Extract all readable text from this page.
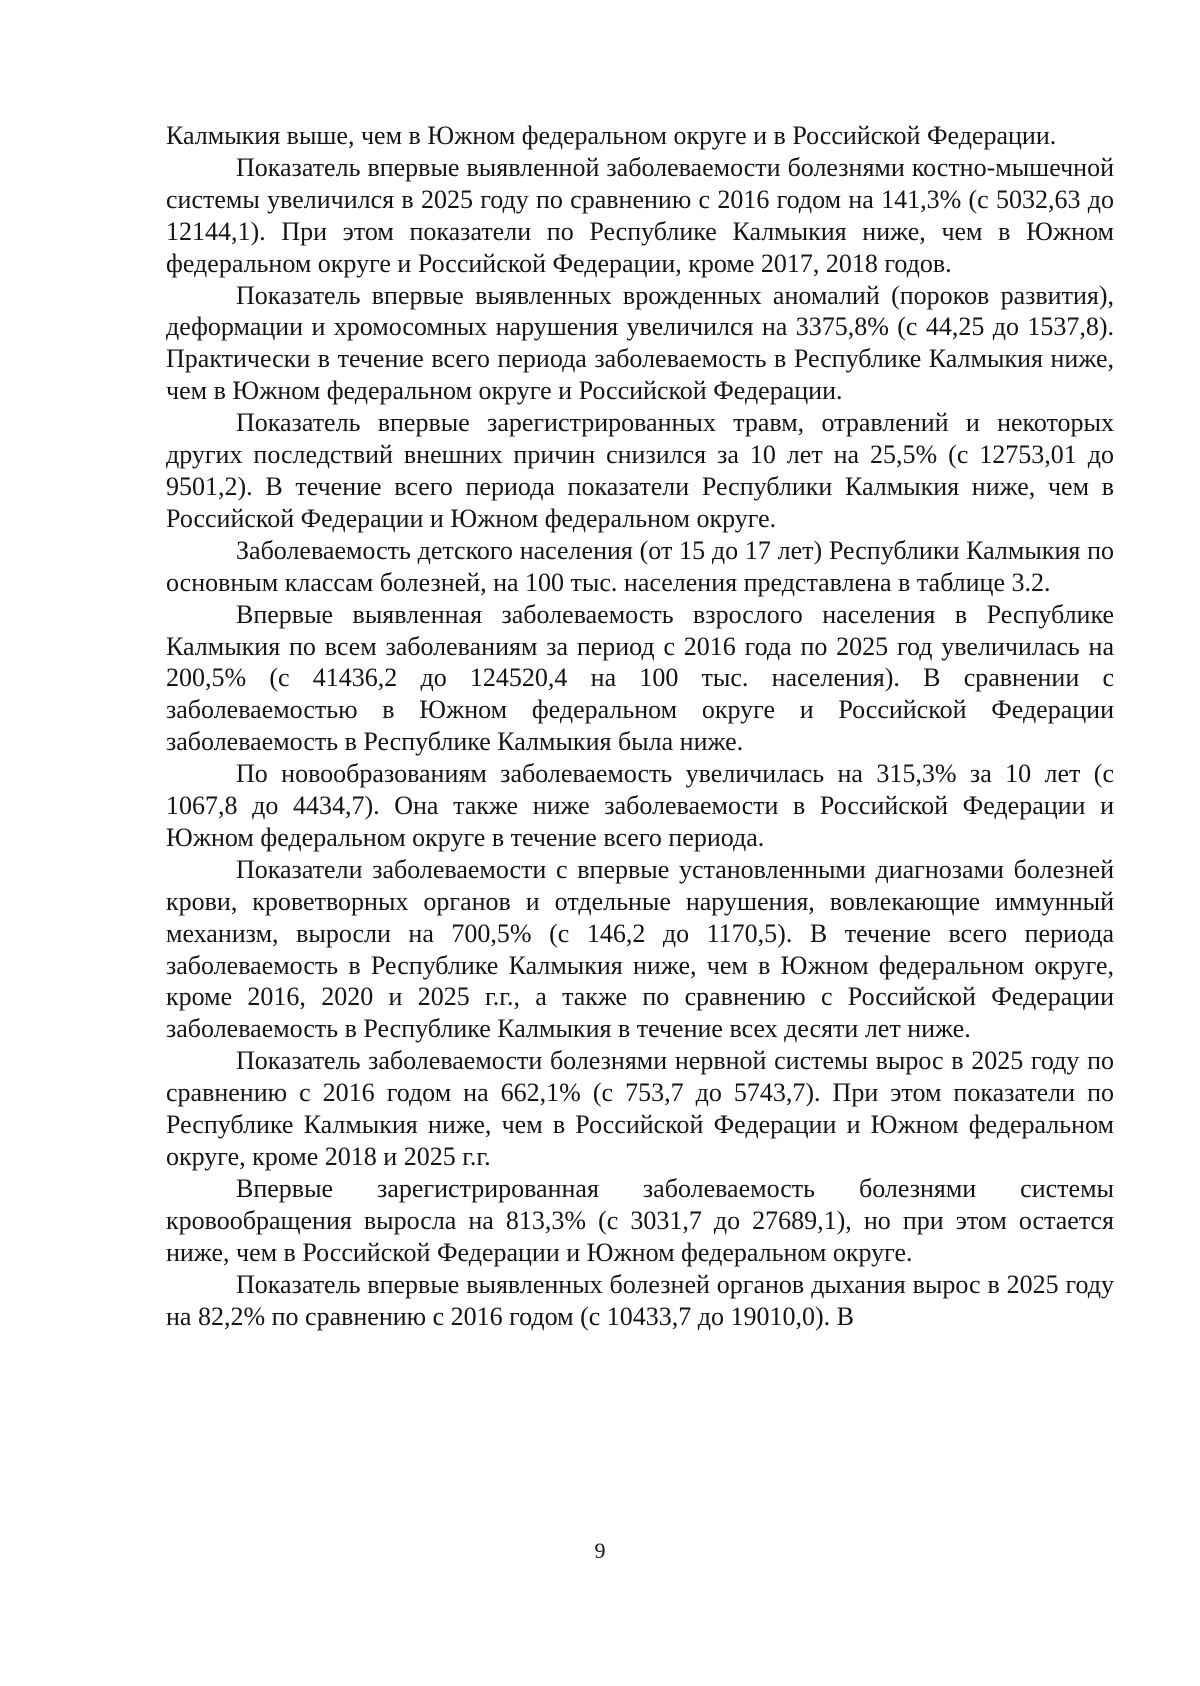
Калмыкия выше, чем в Южном федеральном округе и в Российской Федерации.

Показатель впервые выявленной заболеваемости болезнями костно-мышечной системы увеличился в 2025 году по сравнению с 2016 годом на 141,3% (с 5032,63 до 12144,1). При этом показатели по Республике Калмыкия ниже, чем в Южном федеральном округе и Российской Федерации, кроме 2017, 2018 годов.

Показатель впервые выявленных врожденных аномалий (пороков развития), деформации и хромосомных нарушения увеличился на 3375,8% (с 44,25 до 1537,8). Практически в течение всего периода заболеваемость в Республике Калмыкия ниже, чем в Южном федеральном округе и Российской Федерации.

Показатель впервые зарегистрированных травм, отравлений и некоторых других последствий внешних причин снизился за 10 лет на 25,5% (с 12753,01 до 9501,2). В течение всего периода показатели Республики Калмыкия ниже, чем в Российской Федерации и Южном федеральном округе.

Заболеваемость детского населения (от 15 до 17 лет) Республики Калмыкия по основным классам болезней, на 100 тыс. населения представлена в таблице 3.2.

Впервые выявленная заболеваемость взрослого населения в Республике Калмыкия по всем заболеваниям за период с 2016 года по 2025 год увеличилась на 200,5% (с 41436,2 до 124520,4 на 100 тыс. населения). В сравнении с заболеваемостью в Южном федеральном округе и Российской Федерации заболеваемость в Республике Калмыкия была ниже.

По новообразованиям заболеваемость увеличилась на 315,3% за 10 лет (с 1067,8 до 4434,7). Она также ниже заболеваемости в Российской Федерации и Южном федеральном округе в течение всего периода.

Показатели заболеваемости с впервые установленными диагнозами болезней крови, кроветворных органов и отдельные нарушения, вовлекающие иммунный механизм, выросли на 700,5% (с 146,2 до 1170,5). В течение всего периода заболеваемость в Республике Калмыкия ниже, чем в Южном федеральном округе, кроме 2016, 2020 и 2025 г.г., а также по сравнению с Российской Федерации заболеваемость в Республике Калмыкия в течение всех десяти лет ниже.

Показатель заболеваемости болезнями нервной системы вырос в 2025 году по сравнению с 2016 годом на 662,1% (с 753,7 до 5743,7). При этом показатели по Республике Калмыкия ниже, чем в Российской Федерации и Южном федеральном округе, кроме 2018 и 2025 г.г.

Впервые зарегистрированная заболеваемость болезнями системы кровообращения выросла на 813,3% (с 3031,7 до 27689,1), но при этом остается ниже, чем в Российской Федерации и Южном федеральном округе.

Показатель впервые выявленных болезней органов дыхания вырос в 2025 году на 82,2% по сравнению с 2016 годом (с 10433,7 до 19010,0). В

9
